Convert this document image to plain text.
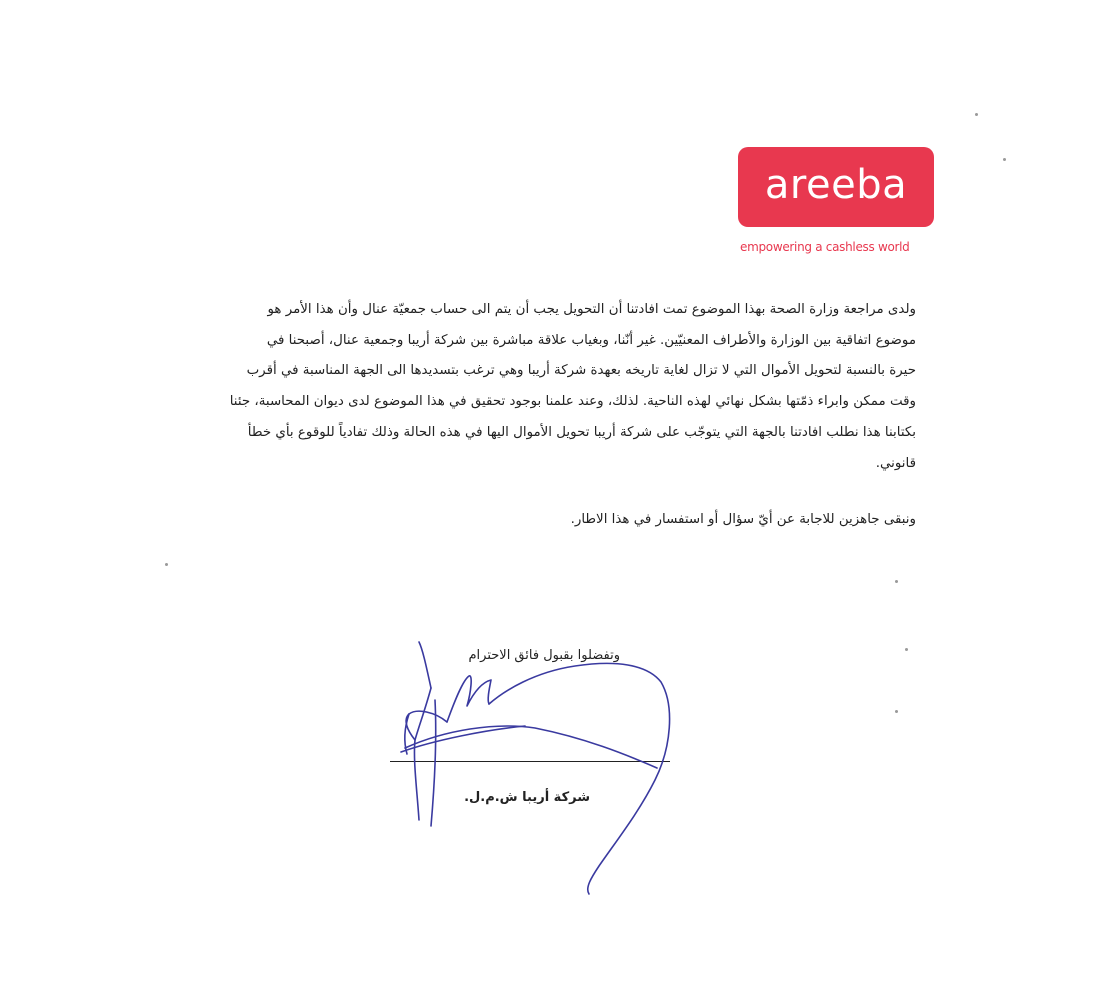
areeba
empowering a cashless world

ولدى مراجعة وزارة الصحة بهذا الموضوع تمت افادتنا أن التحويل يجب أن يتم الى حساب جمعيّة عنال وأن هذا الأمر هو

موضوع اتفاقية بين الوزارة والأطراف المعنيّين. غير أنّنا، وبغياب علاقة مباشرة بين شركة أريبا وجمعية عنال، أصبحنا في

حيرة بالنسبة لتحويل الأموال التي لا تزال لغاية تاريخه بعهدة شركة أريبا وهي ترغب بتسديدها الى الجهة المناسبة في أقرب

وقت ممكن وابراء ذمّتها بشكل نهائي لهذه الناحية. لذلك، وعند علمنا بوجود تحقيق في هذا الموضوع لدى ديوان المحاسبة، جئنا

بكتابنا هذا نطلب افادتنا بالجهة التي يتوجّب على شركة أريبا تحويل الأموال اليها في هذه الحالة وذلك تفادياً للوقوع بأي خطأ

قانوني.

ونبقى جاهزين للاجابة عن أيّ سؤال أو استفسار في هذا الاطار.
وتفضلوا بقبول فائق الاحترام
شركة أريبا ش.م.ل.
